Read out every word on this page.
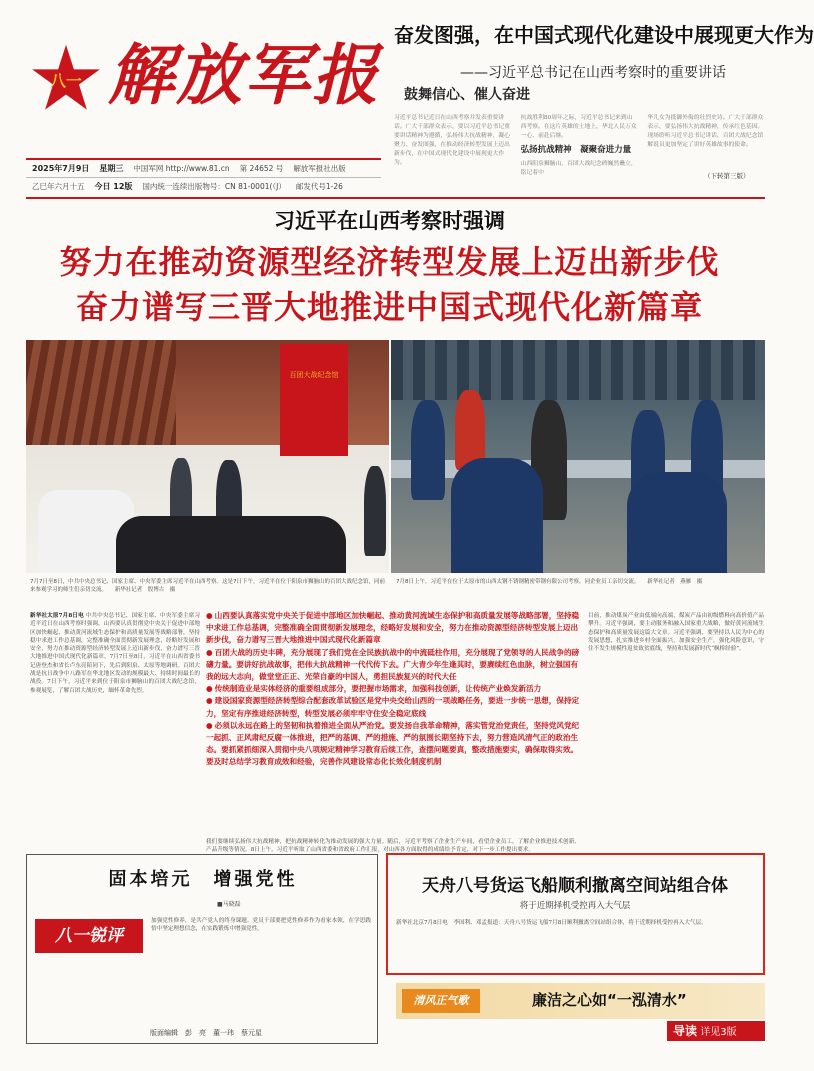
八一 解放军报
2025年7月9日 星期三 中国军网 http://www.81.cn 第 24652 号 解放军报社出版
乙巳年六月十五 今日 12版 国内统一连续出版物号：CN 81-0001(（J） 邮发代号1-26
奋发图强，在中国式现代化建设中展现更大作为
——习近平总书记在山西考察时的重要讲话
鼓舞信心、催人奋进

习近平总书记近日在山西考察并发表重要讲话。广大干部群众表示，要以习近平总书记重要讲话精神为遵循，弘扬伟大抗战精神，凝心聚力、奋发图强，在推动经济转型发展上迈出新步伐，在中国式现代化建设中展现更大作为。

抗战胜利80周年之际，习近平总书记来到山西考察。在这片英雄的土地上，华北人民万众一心、前赴后继。

弘扬抗战精神　凝聚奋进力量

山西阳泉狮脑山，百团大战纪念碑巍然矗立，铭记着中

华儿女为抵御外侮的壮烈史诗。广大干部群众表示，要弘扬伟大抗战精神，传承红色基因。现场聆听习近平总书记讲话，百团大战纪念馆解说员更加坚定了讲好英雄故事的使命。

（下转第三版）
习近平在山西考察时强调
努力在推动资源型经济转型发展上迈出新步伐
奋力谱写三晋大地推进中国式现代化新篇章
百团大战纪念馆
7月7日至8日，中共中央总书记、国家主席、中央军委主席习近平在山西考察。这是7日下午，习近平在位于阳泉市狮脑山的百团大战纪念馆，同前来参观学习的师生们亲切交流。 新华社记者　殷博古　摄
7月8日上午，习近平在位于太原市的山西太钢不锈钢精密带钢有限公司考察，同企业员工亲切交流。 新华社记者　燕雁　摄
新华社太原7月8日电 中共中央总书记、国家主席、中央军委主席习近平近日在山西考察时强调，山西要认真贯彻党中央关于促进中部地区加快崛起、推动黄河流域生态保护和高质量发展等战略部署，坚持稳中求进工作总基调，完整准确全面贯彻新发展理念，经略好发展和安全，努力在推动资源型经济转型发展上迈出新步伐，奋力谱写三晋大地推进中国式现代化新篇章。7月7日至8日，习近平在山西省委书记唐登杰和省长卢东亮陪同下，先后到阳泉、太原等地调研。百团大战是抗日战争中八路军在华北地区发动的规模最大、持续时间最长的战役。7日下午，习近平来到位于阳泉市狮脑山的百团大战纪念馆，参观展览，了解百团大战历史，缅怀革命先烈。
● 山西要认真落实党中央关于促进中部地区加快崛起、推动黄河流域生态保护和高质量发展等战略部署，坚持稳中求进工作总基调，完整准确全面贯彻新发展理念，经略好发展和安全，努力在推动资源型经济转型发展上迈出新步伐，奋力谱写三晋大地推进中国式现代化新篇章
● 百团大战的历史丰碑，充分展现了我们党在全民族抗战中的中流砥柱作用，充分展现了党领导的人民战争的磅礴力量。要讲好抗战故事，把伟大抗战精神一代代传下去。广大青少年生逢其时，要赓续红色血脉，树立强国有我的远大志向，做堂堂正正、光荣自豪的中国人，勇担民族复兴的时代大任
● 传统制造业是实体经济的重要组成部分，要把握市场需求，加强科技创新，让传统产业焕发新活力
● 建设国家资源型经济转型综合配套改革试验区是党中央交给山西的一项战略任务，要进一步统一思想，保持定力，坚定有序推进经济转型，转型发展必须牢牢守住安全稳定底线
● 必须以永远在路上的坚韧和执着推进全面从严治党。要发扬自我革命精神，落实管党治党责任，坚持党风党纪一起抓、正风肃纪反腐一体推进，把严的基调、严的措施、严的氛围长期坚持下去，努力营造风清气正的政治生态。要抓紧抓细深入贯彻中央八项规定精神学习教育后续工作，查摆问题要真，整改措施要实，确保取得实效。要及时总结学习教育成效和经验，完善作风建设常态化长效化制度机制
我们要继续弘扬伟大抗战精神，把抗战精神转化为推动发展的强大力量。随后，习近平考察了企业生产车间，看望企业员工，了解企业推进技术创新、产品升级等情况。8日上午，习近平听取了山西省委和省政府工作汇报，对山西各方面取得的成绩给予肯定，对下一步工作提出要求。
目前，推动煤炭产业由低端向高端，煤炭产品由初级燃料向高价值产品攀升。习近平强调，要主动服务和融入国家重大战略，做好黄河流域生态保护和高质量发展这篇大文章。习近平强调，要坚持以人民为中心的发展思想，扎实推进乡村全面振兴，加强安全生产，强化风险意识，守住不发生规模性返贫致贫底线，坚持和发展新时代“枫桥经验”。
固本培元　增强党性
■马晓磊
八一锐评
加强党性修养，是共产党人的终身课题。党员干部要把党性修养作为看家本领，在学思践悟中坚定理想信念，在实践锻炼中增强党性。
天舟八号货运飞船顺利撤离空间站组合体
将于近期择机受控再入大气层
新华社北京7月8日电　李国利、邓孟报道：天舟八号货运飞船7月8日顺利撤离空间站组合体，将于近期择机受控再入大气层。
清风正气歌	廉洁之心如“一泓清水”
导读 详见3版
版面编辑　彭　亮　董一玮　蔡元星
